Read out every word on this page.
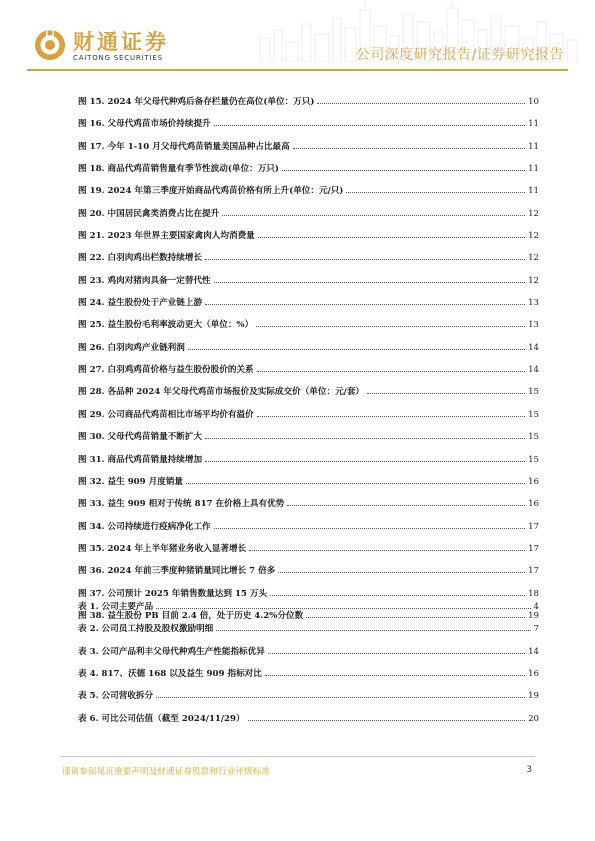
财通证券
CAITONG SECURITIES	公司深度研究报告/证券研究报告
图 15. 2024 年父母代种鸡后备存栏量仍在高位(单位：万只)	10
图 16. 父母代鸡苗市场价持续提升	11
图 17. 今年 1-10 月父母代鸡苗销量美国品种占比最高	11
图 18. 商品代鸡苗销售量有季节性波动(单位：万只)	11
图 19. 2024 年第三季度开始商品代鸡苗价格有所上升(单位：元/只)	11
图 20. 中国居民禽类消费占比在提升	12
图 21. 2023 年世界主要国家禽肉人均消费量	12
图 22. 白羽肉鸡出栏数持续增长	12
图 23. 鸡肉对猪肉具备一定替代性	12
图 24. 益生股份处于产业链上游	13
图 25. 益生股份毛利率波动更大（单位：%）	13
图 26. 白羽肉鸡产业链利润	14
图 27. 白羽鸡鸡苗价格与益生股份股价的关系	14
图 28. 各品种 2024 年父母代鸡苗市场报价及实际成交价（单位：元/套）	15
图 29. 公司商品代鸡苗相比市场平均价有溢价	15
图 30. 父母代鸡苗销量不断扩大	15
图 31. 商品代鸡苗销量持续增加	15
图 32. 益生 909 月度销量	16
图 33. 益生 909 相对于传统 817 在价格上具有优势	16
图 34. 公司持续进行疫病净化工作	17
图 35. 2024 年上半年猪业务收入显著增长	17
图 36. 2024 年前三季度种猪销量同比增长 7 倍多	17
图 37. 公司预计 2025 年销售数量达到 15 万头	18
图 38. 益生股份 PB 目前 2.4 倍，处于历史 4.2%分位数	19
表 1. 公司主要产品	4
表 2. 公司员工持股及股权激励明细	7
表 3. 公司产品利丰父母代种鸡生产性能指标优异	14
表 4. 817、沃德 168 以及益生 909 指标对比	16
表 5. 公司营收拆分	19
表 6. 可比公司估值（截至 2024/11/29）	20
谨请参阅尾页重要声明及财通证券股票和行业评级标准	3
